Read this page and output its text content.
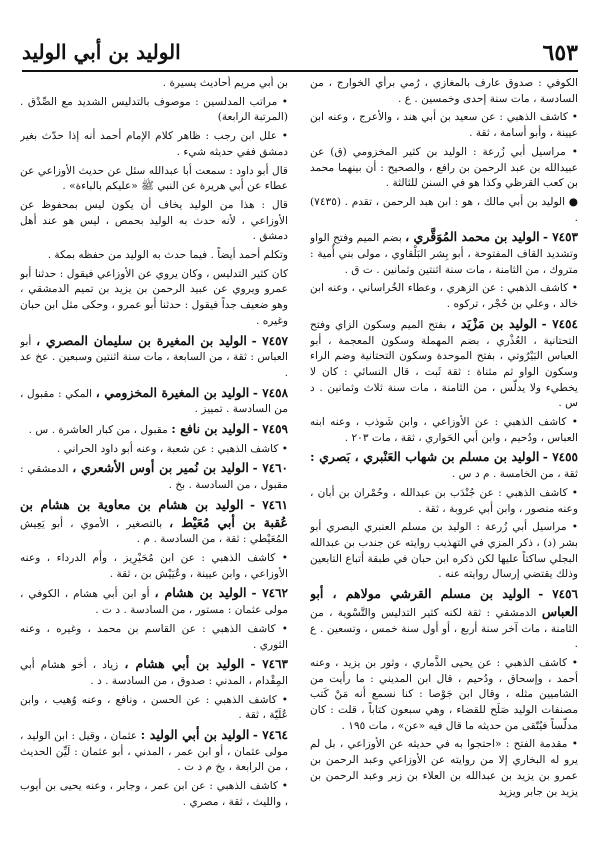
٦٥٣
الوليد بن أبي الوليد

الكوفي : صدوق عارف بالمغازي ، رُمي برأي الخوارج ، من السادسة ، مات سنة إحدى وخمسين . ع .

• كاشف الذهبي : عن سعيد بن أبي هند ، والأعرج ، وعنه ابن عيينة ، وأبو أسامة ، ثقة .

• مراسيل أبي زُرعة : الوليد بن كثير المخزومي (ق) عن عبيدالله بن عبد الرحمن بن رافع ، والصحيح : أن بينهما محمد بن كعب القرظي وكذا هو في السنن للثالثة .

● الوليد بن أبي مالك ، هو : ابن هبد الرحمن ، تقدم . (٧٤٣٥) .

٧٤٥٣ - الوليد بن محمد المُوَقَّري ، بضم الميم وفتح الواو وتشديد القاف المفتوحة ، أبو بِشر البَلْقاوي ، مولى بني أُمية : متروك ، من الثامنة ، مات سنة اثنتين وثمانين . ت ق .

• كاشف الذهبي : عن الزهري ، وعطاء الخُراساني ، وعنه ابن خالد ، وعلي بن حُجْر ، تركوه .

٧٤٥٤ - الوليد بن مَزْيَد ، بفتح الميم وسكون الزاي وفتح التحتانية ، العُذْري ، بضم المهملة وسكون المعجمة ، أبو العباس البَيْرُوتي ، بفتح الموحدة وسكون التحتانية وضم الراء وسكون الواو ثم مثناة : ثقة ثَبت ، قال النسائي : كان لا يخطيء ولا يدلّس ، من الثامنة ، مات سنة ثلاث وثمانين . د س .

• كاشف الذهبي : عن الأوزاعي ، وابن شَوذب ، وعنه ابنه العباس ، ودُحيم ، وابن أبي الحَواري ، ثقة ، مات ٢٠٣ .

٧٤٥٥ - الوليد بن مسلم بن شهاب العَنْبري ، بَصري : ثقة ، من الخامسة . م د س .

• كاشف الذهبي : عن جُنْدَب بن عبدالله ، وحُمْران بن أبان ، وعنه منصور ، وابن أبي عروبة ، ثقة .

• مراسيل أبي زُرعة : الوليد بن مسلم العنبري البصري أبو بشر (د) ، ذكر المزي في التهذيب روايته عن جندب بن عبدالله البجلي ساكتاً عليها لكن ذكره ابن حبان في طبقة أتباع التابعين وذلك يقتضي إرسال روايته عنه .

٧٤٥٦ - الوليد بن مسلم القرشي مولاهم ، أبو العباس الدمشقي : ثقة لكنه كثير التدليس والتَّسْوية ، من الثامنة ، مات آخر سنة أربع ، أو أول سنة خمس ، وتسعين . ع .

• كاشف الذهبي : عن يحيى الذَّماري ، وثور بن يزيد ، وعنه أحمد ، وإسحاق ، ودُحيم ، قال ابن المديني : ما رأيت من الشاميين مثله ، وقال ابن جَوْصا : كنا نسمع أنه مَنْ كَتب مصنفات الوليد صَلَح للقضاء ، وهي سبعون كتاباً ، قلت : كان مدلّساً فيُتّقى من حديثه ما قال فيه «عن» ، مات ١٩٥ .

• مقدمة الفتح : «احتجوا به في حديثه عن الأوزاعي ، بل لم يرو له البخاري إلا من روايته عن الأوزاعي وعبد الرحمن بن عمرو بن يزيد بن عبدالله بن العلاء بن زبر وعبد الرحمن بن يزيد بن جابر ويزيد

بن أبي مريم أحاديث يسيرة .

• مراتب المدلسين : موصوف بالتدليس الشديد مع الصِّدْق . (المرتبة الرابعة)

• علل ابن رجب : ظاهر كلام الإمام أحمد أنه إذا حدّث بغير دمشق ففي حديثه شيء .

قال أبو داود : سمعت أبا عبدالله سئل عن حديث الأوزاعي عن عطاء عن أبي هريرة عن النبي ﷺ «عليكم بالباءة» .

قال : هذا من الوليد يخاف أن يكون ليس بمحفوظ عن الأوزاعي ، لأنه حدث به الوليد بحمص ، ليس هو عند أهل دمشق .

وتكلم أحمد أيضاً . فيما حدث به الوليد من حفظه بمكة .

كان كثير التدليس ، وكان يروي عن الأوزاعي فيقول : حدثنا أبو عمرو ويروي عن عبيد الرحمن بن يزيد بن تميم الدمشقي ، وهو ضعيف جداً فيقول : حدثنا أبو عمرو ، وحكى مثل ابن حبان وغيره .

٧٤٥٧ - الوليد بن المغيرة بن سليمان المصري ، أبو العباس : ثقة ، من السابعة ، مات سنة اثنتين وسبعين . عخ عد .

٧٤٥٨ - الوليد بن المغيرة المخزومي ، المكي : مقبول ، من السادسة . تمييز .

٧٤٥٩ - الوليد بن نافع : مقبول ، من كبار العاشرة . س .

• كاشف الذهبي : عن شعبة ، وعنه أبو داود الحراني .

٧٤٦٠ - الوليد بن نُمير بن أوس الأشعري ، الدمشقي : مقبول ، من السادسة . بخ .

٧٤٦١ - الوليد بن هشام بن معاوية بن هشام بن عُقبة بن أبي مُعَيْط ، بالتصغير ، الأموي ، أبو يَعِيش المُعَيْطي : ثقة ، من السادسة . م .

• كاشف الذهبي : عن ابن مُحَيْرِيز ، وأم الدرداء ، وعنه الأوزاعي ، وابن عيينة ، وعُيَيْش بن ، ثقة .

٧٤٦٢ - الوليد بن هشام ، أو ابن أبي هشام ، الكوفي ، مولى عثمان : مستور ، من السادسة . د ت .

• كاشف الذهبي : عن القاسم بن محمد ، وغيره ، وعنه الثوري .

٧٤٦٣ - الوليد بن أبي هشام ، زياد ، أخو هشام أبي المِقْدام ، المدني : صدوق ، من السادسة . د .

• كاشف الذهبي : عن الحسن ، ونافع ، وعنه وُهيب ، وابن عُلَيّة ، ثقة .

٧٤٦٤ - الوليد بن أبي الوليد : عثمان ، وقيل : ابن الوليد ، مولى عثمان ، أو ابن عمر ، المدني ، أبو عثمان : لَيِّن الحديث ، من الرابعة ، بخ م د ت .

• كاشف الذهبي : عن ابن عمر ، وجابر ، وعنه يحيى بن أيوب ، والليث ، ثقة ، مصري .
